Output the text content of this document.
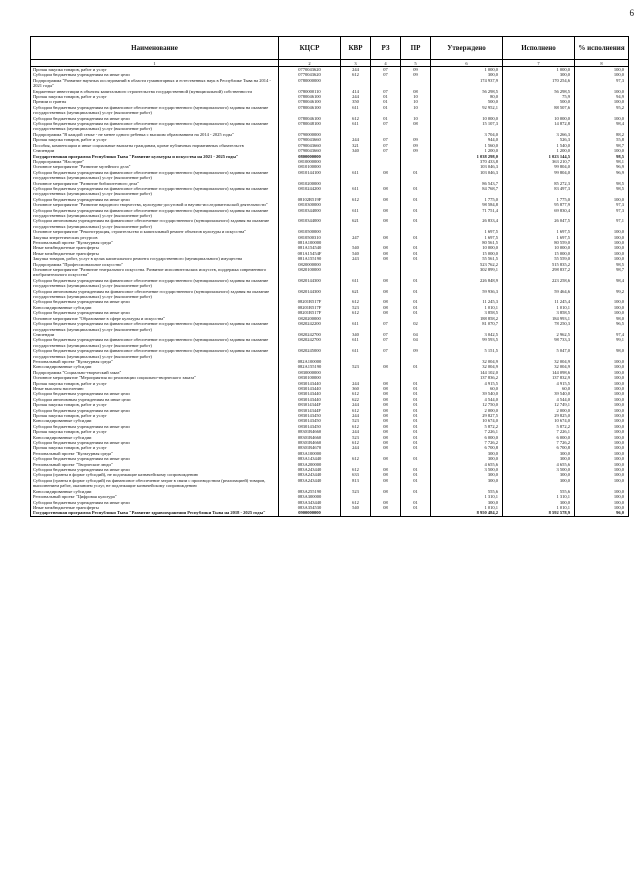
6
Наименование	КЦСР	КВР	РЗ	ПР	Утверждено	Исполнено	% исполнения
1	2	3	4	5	6	7	8
Прочая закупка товаров, работ и услуг	0770043620	244	07	09	1 000,0	1 000,0	100,0
Субсидии бюджетным учреждениям на иные цели	0770043620	612	07	09	300,0	300,0	100,0
Подпрограмма "Развитие научных исследований в области гуманитарных и естественных наук в Республике Тыва на 2014 - 2021 годы"	0780000000				174 937,9	170 254,6	97,3
Бюджетные инвестиции в объекты капитального строительства государственной (муниципальной) собственности	0780000110	414	07	08	56 298,5	56 298,5	100,0
Прочая закупка товаров, работ и услуг	0780046100	244	01	10	80,0	75,9	94,9
Премии и гранты	0780046100	350	01	10	500,0	500,0	100,0
Субсидии бюджетным учреждениям на финансовое обеспечение государственного (муниципального) задания на оказание государственных (муниципальных) услуг (выполнение работ)	0780046100	611	01	10	92 952,1	88 507,6	95,2
Субсидии бюджетным учреждениям на иные цели	0780046100	612	01	10	10 000,0	10 000,0	100,0
Субсидии бюджетным учреждениям на финансовое обеспечение государственного (муниципального) задания на оказание государственных (муниципальных) услуг (выполнение работ)	0780048100	611	07	08	15 107,3	14 872,8	98,4
Подпрограмма "В каждой семье - не менее одного ребенка с высшим образованием на 2014 - 2025 годы"	0790000000				3 704,0	3 266,3	88,2
Прочая закупка товаров, работ и услуг	0790043660	244	07	09	944,0	526,3	55,8
Пособия, компенсации и иные социальные выплаты гражданам, кроме публичных нормативных обязательств	0790043660	321	07	09	1 560,0	1 540,0	98,7
Стипендии	0790043660	340	07	09	1 200,0	1 200,0	100,0
Государственная программа Республики Тыва "Развитие культуры и искусства на 2021 - 2025 годы"	0800000000				1 038 298,0	1 023 144,5	98,5
Подпрограмма "Наследие"	0810000000				370 433,8	363 210,7	98,1
Основное мероприятие "Развитие музейного дела"	0810100000				103 046,3	99 804,0	96,9
Субсидии бюджетным учреждениям на финансовое обеспечение государственного (муниципального) задания на оказание государственных (муниципальных) услуг (выполнение работ)	0810144100	611	08	01	103 046,3	99 804,0	96,9
Основное мероприятие "Развитие библиотечного дела"	0810200000				86 543,7	85 272,3	98,5
Субсидии бюджетным учреждениям на финансовое обеспечение государственного (муниципального) задания на оказание государственных (муниципальных) услуг (выполнение работ)	0810244200	611	08	01	84 768,7	83 497,3	98,5
Субсидии бюджетным учреждениям на иные цели	08102R519F	612	08	01	1 775,0	1 775,0	100,0
Основное мероприятие "Развитие народного творчества, культурно-досуговой и научно-исследовательской деятельности"	0810300000				98 584,8	95 877,9	97,3
Субсидии бюджетным учреждениям на финансовое обеспечение государственного (муниципального) задания на оказание государственных (муниципальных) услуг (выполнение работ)	0810344000	611	08	01	71 751,4	69 830,4	97,3
Субсидии автономным учреждениям на финансовое обеспечение государственного (муниципального) задания на оказание государственных (муниципальных) услуг (выполнение работ)	0810344000	621	08	01	26 833,4	26 047,5	97,1
Основное мероприятие "Реконструкция, строительство и капитальный ремонт объектов культуры и искусства"	0810500000				1 697,5	1 697,5	100,0
Закупка энергетических ресурсов	0810500310	247	08	01	1 697,5	1 697,5	100,0
Региональный проект "Культурная среда"	081A100000				80 561,5	80 559,0	100,0
Иные межбюджетные трансферты	081A154540	540	08	01	10 000,0	10 000,0	100,0
Иные межбюджетные трансферты	081A15454F	540	08	01	15 000,0	15 000,0	100,0
Закупка товаров, работ, услуг в целях капитального ремонта государственного (муниципального) имущества	081A155190	243	08	01	55 561,5	55 559,0	100,0
Подпрограмма "Профессиональное искусство"	0820000000				523 762,2	515 835,2	98,5
Основное мероприятие "Развитие театрального искусства. Развитие исполнительских искусств, поддержка современного изобразительного искусства"	0820100000				302 899,1	298 837,2	98,7
Субсидии бюджетным учреждениям на финансовое обеспечение государственного (муниципального) задания на оказание государственных (муниципальных) услуг (выполнение работ)	0820144300	611	08	01	226 848,9	223 258,6	98,4
Субсидии автономным учреждениям на финансовое обеспечение государственного (муниципального) задания на оказание государственных (муниципальных) услуг (выполнение работ)	0820144300	621	08	01	59 936,3	59 464,6	99,2
Субсидии бюджетным учреждениям на иные цели	08201R517F	612	08	01	11 245,3	11 245,4	100,0
Консолидированные субсидии	08201R517F	523	08	01	1 010,1	1 010,1	100,0
Субсидии бюджетным учреждениям на иные цели	08201R517F	612	08	01	3 858,5	3 858,5	100,0
Основное мероприятие "Образование в сфере культуры и искусства"	0820200000				188 858,2	184 993,1	98,0
Субсидии бюджетным учреждениям на финансовое обеспечение государственного (муниципального) задания на оказание государственных (муниципальных) услуг (выполнение работ)	0820242200	611	07	02	81 070,7	78 250,3	96,5
Стипендии	0820242700	340	07	04	3 042,5	2 962,5	97,4
Субсидии бюджетным учреждениям на финансовое обеспечение государственного (муниципального) задания на оказание государственных (муниципальных) услуг (выполнение работ)	0820242700	611	07	04	99 593,5	98 733,3	99,1
Субсидии бюджетным учреждениям на финансовое обеспечение государственного (муниципального) задания на оказание государственных (муниципальных) услуг (выполнение работ)	0820245000	611	07	09	5 151,5	5 047,0	98,0
Региональный проект "Культурная среда"	082A100000				32 004,9	32 004,9	100,0
Консолидированные субсидии	082A155190	523	08	01	32 004,9	32 004,9	100,0
Подпрограмма "Социально-творческий заказ"	0830000000				144 102,0	144 098,6	100,0
Основное мероприятие "Мероприятия по реализации социально-творческого заказа"	0830100000				137 836,2	137 832,9	100,0
Прочая закупка товаров, работ и услуг	0830143440	244	08	01	4 915,5	4 915,5	100,0
Иные выплаты населению	0830143440	360	08	01	60,0	60,0	100,0
Субсидии бюджетным учреждениям на иные цели	0830143440	612	08	01	39 540,0	39 540,0	100,0
Субсидии автономным учреждениям на иные цели	0830143440	622	08	01	4 544,0	4 544,0	100,0
Прочая закупка товаров, работ и услуг	083014344F	244	08	01	12 750,0	12 749,1	100,0
Субсидии бюджетным учреждениям на иные цели	083014344F	612	08	01	2 000,0	2 000,0	100,0
Прочая закупка товаров, работ и услуг	0830143450	244	08	01	29 827,5	29 825,0	100,0
Консолидированные субсидии	0830143450	523	08	01	10 674,0	10 674,0	100,0
Субсидии бюджетным учреждениям на иные цели	0830143450	612	08	01	5 872,2	5 872,2	100,0
Прочая закупка товаров, работ и услуг	08301R4660	244	08	01	7 226,1	7 226,1	100,0
Консолидированные субсидии	08301R4660	523	08	01	6 000,0	6 000,0	100,0
Субсидии бюджетным учреждениям на иные цели	08301R4660	612	08	01	7 726,2	7 726,2	100,0
Прочая закупка товаров, работ и услуг	08301R4670	244	08	01	6 700,8	6 700,8	100,0
Региональный проект "Культурная среда"	083A100000				300,0	300,0	100,0
Субсидии бюджетным учреждениям на иные цели	083A143440	612	08	01	300,0	300,0	100,0
Региональный проект "Творческие люди"	083A200000				4 655,6	4 655,6	100,0
Субсидии бюджетным учреждениям на иные цели	083A243440	612	08	01	3 500,0	3 500,0	100,0
Субсидии (гранты в форме субсидий), не подлежащие казначейскому сопровождению	083A243440	633	08	01	300,0	300,0	100,0
Субсидии (гранты в форме субсидий) на финансовое обеспечение затрат в связи с производством (реализацией) товаров, выполнением работ, оказанием услуг, не подлежащие казначейскому сопровождению	083A243440	813	08	01	300,0	300,0	100,0
Консолидированные субсидии	083A255190	523	08	01	555,6	555,6	100,0
Региональный проект "Цифровая культура"	083A300000				1 310,1	1 310,1	100,0
Субсидии бюджетным учреждениям на иные цели	083A343440	612	08	01	300,0	300,0	100,0
Иные межбюджетные трансферты	083A354530	540	08	01	1 010,1	1 010,1	100,0
Государственная программа Республики Тыва "Развитие здравоохранения Республики Тыва на 2018 - 2025 годы"	0900000000				8 950 484,2	8 592 578,9	96,0
